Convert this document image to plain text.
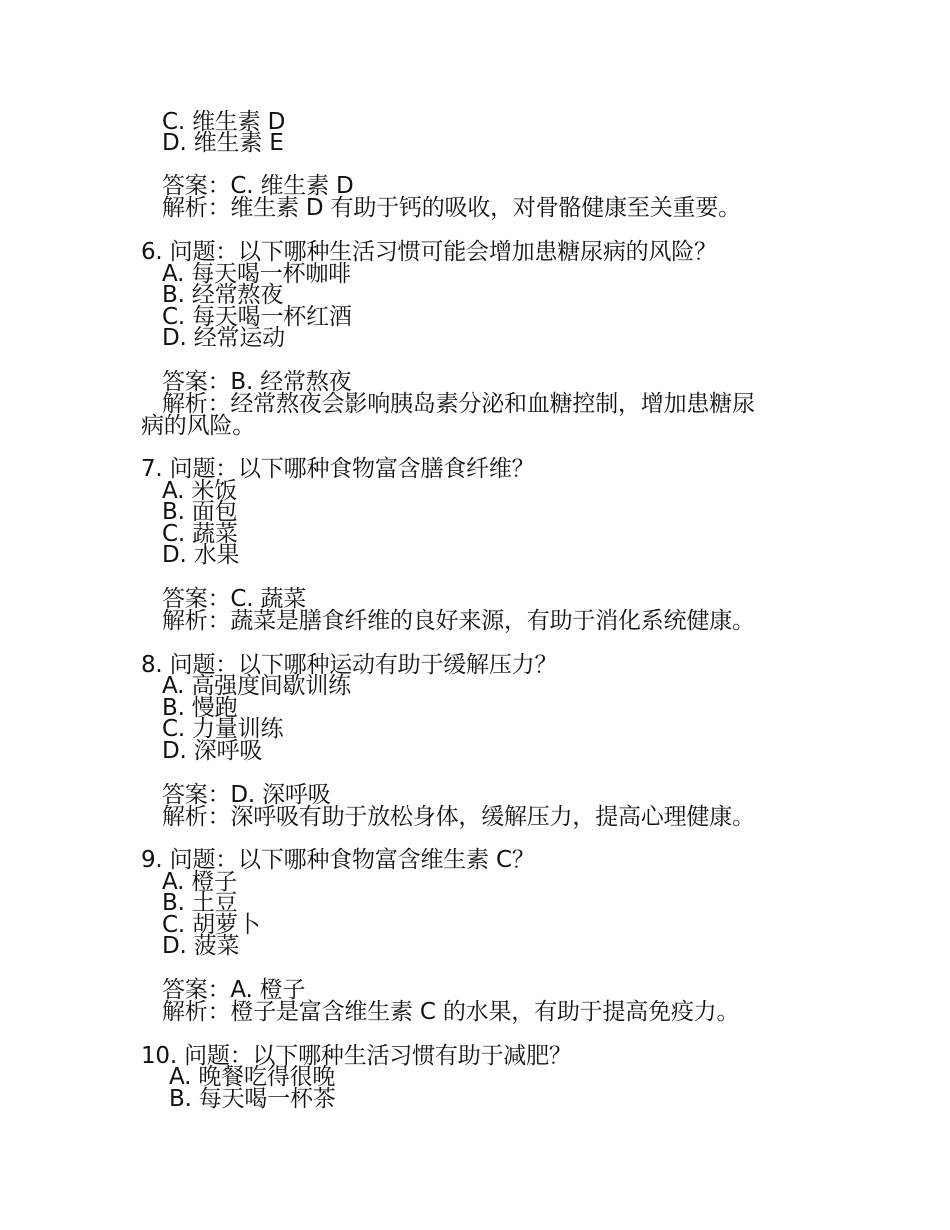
C. 维生素 D
D. 维生素 E
答案：C. 维生素 D
解析：维生素 D 有助于钙的吸收，对骨骼健康至关重要。
6. 问题：以下哪种生活习惯可能会增加患糖尿病的风险？
A. 每天喝一杯咖啡
B. 经常熬夜
C. 每天喝一杯红酒
D. 经常运动
答案：B. 经常熬夜
解析：经常熬夜会影响胰岛素分泌和血糖控制，增加患糖尿
病的风险。
7. 问题：以下哪种食物富含膳食纤维？
A. 米饭
B. 面包
C. 蔬菜
D. 水果
答案：C. 蔬菜
解析：蔬菜是膳食纤维的良好来源，有助于消化系统健康。
8. 问题：以下哪种运动有助于缓解压力？
A. 高强度间歇训练
B. 慢跑
C. 力量训练
D. 深呼吸
答案：D. 深呼吸
解析：深呼吸有助于放松身体，缓解压力，提高心理健康。
9. 问题：以下哪种食物富含维生素 C？
A. 橙子
B. 土豆
C. 胡萝卜
D. 菠菜
答案：A. 橙子
解析：橙子是富含维生素 C 的水果，有助于提高免疫力。
10. 问题：以下哪种生活习惯有助于减肥？
A. 晚餐吃得很晚
B. 每天喝一杯茶
